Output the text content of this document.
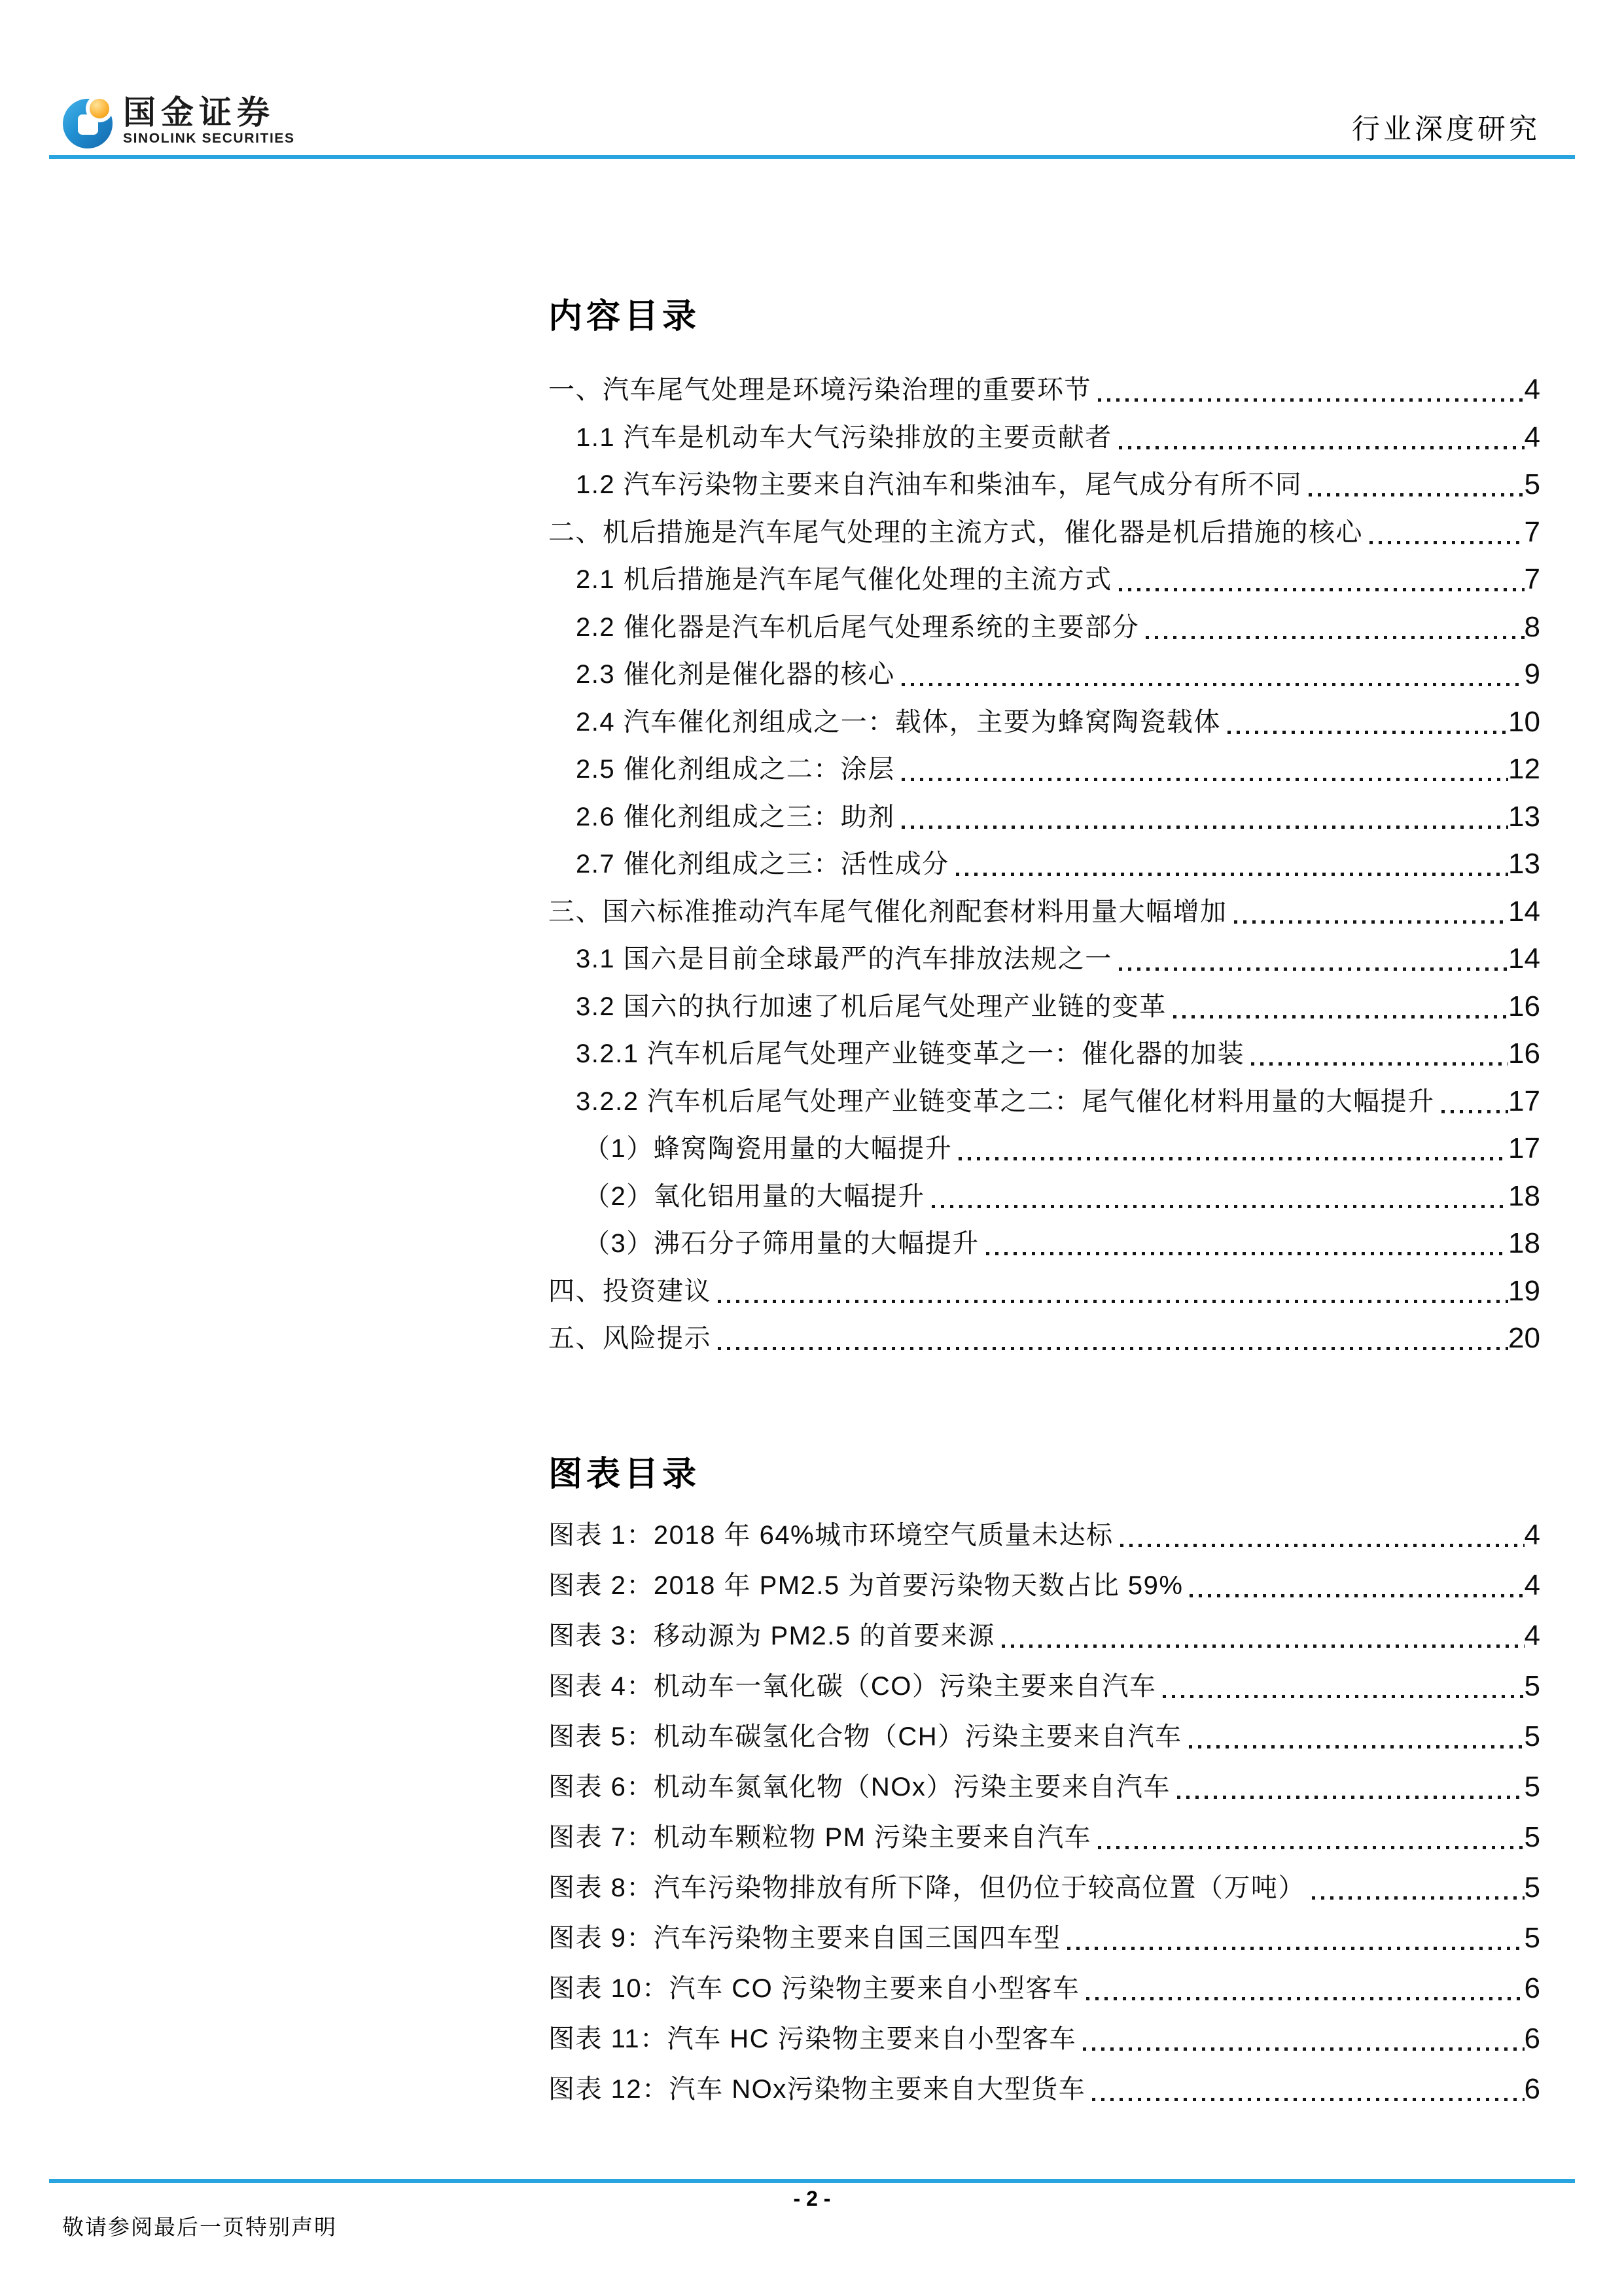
国金证券
SINOLINK SECURITIES	行业深度研究
内容目录
一、汽车尾气处理是环境污染治理的重要环节	4
1.1 汽车是机动车大气污染排放的主要贡献者	4
1.2 汽车污染物主要来自汽油车和柴油车，尾气成分有所不同	5
二、机后措施是汽车尾气处理的主流方式，催化器是机后措施的核心	7
2.1 机后措施是汽车尾气催化处理的主流方式	7
2.2 催化器是汽车机后尾气处理系统的主要部分	8
2.3 催化剂是催化器的核心	9
2.4 汽车催化剂组成之一：载体，主要为蜂窝陶瓷载体	10
2.5 催化剂组成之二：涂层	12
2.6 催化剂组成之三：助剂	13
2.7 催化剂组成之三：活性成分	13
三、国六标准推动汽车尾气催化剂配套材料用量大幅增加	14
3.1 国六是目前全球最严的汽车排放法规之一	14
3.2 国六的执行加速了机后尾气处理产业链的变革	16
3.2.1 汽车机后尾气处理产业链变革之一：催化器的加装	16
3.2.2 汽车机后尾气处理产业链变革之二：尾气催化材料用量的大幅提升	17
（1）蜂窝陶瓷用量的大幅提升	17
（2）氧化铝用量的大幅提升	18
（3）沸石分子筛用量的大幅提升	18
四、投资建议	19
五、风险提示	20
图表目录
图表 1：2018 年 64%城市环境空气质量未达标	4
图表 2：2018 年 PM2.5 为首要污染物天数占比 59%	4
图表 3：移动源为 PM2.5 的首要来源	4
图表 4：机动车一氧化碳（CO）污染主要来自汽车	5
图表 5：机动车碳氢化合物（CH）污染主要来自汽车	5
图表 6：机动车氮氧化物（NOx）污染主要来自汽车	5
图表 7：机动车颗粒物 PM 污染主要来自汽车	5
图表 8：汽车污染物排放有所下降，但仍位于较高位置（万吨）	5
图表 9：汽车污染物主要来自国三国四车型	5
图表 10：汽车 CO 污染物主要来自小型客车	6
图表 11：汽车 HC 污染物主要来自小型客车	6
图表 12：汽车 NOx污染物主要来自大型货车	6
- 2 -
敬请参阅最后一页特别声明
